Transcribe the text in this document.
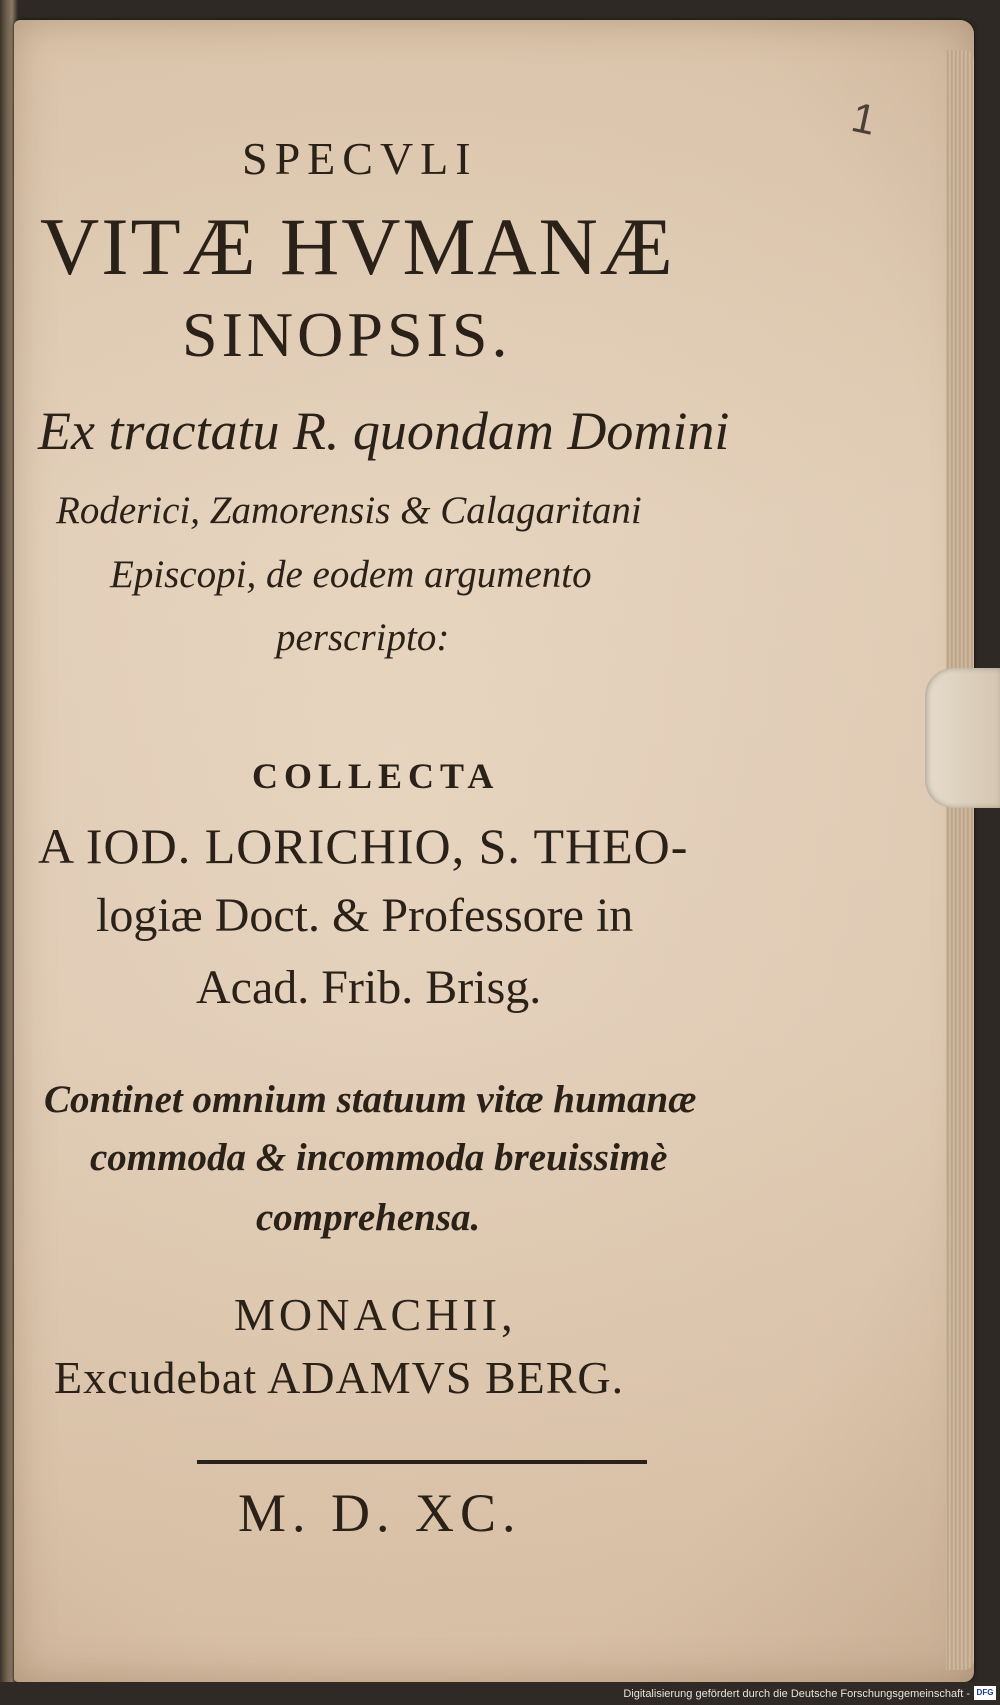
1
SPECVLI
VITÆ HVMANÆ
SINOPSIS.
Ex tractatu R. quondam Domini
Roderici, Zamorensis & Calagaritani
Episcopi, de eodem argumento
perscripto:
COLLECTA
A IOD. LORICHIO, S. THEO-
logiæ Doct. & Professore in
Acad. Frib. Brisg.
Continet omnium statuum vitæ humanæ
commoda & incommoda breuissimè
comprehensa.
MONACHII,
Excudebat ADAMVS BERG.
M. D. XC.
Digitalisierung gefördert durch die Deutsche Forschungsgemeinschaft - DFG
